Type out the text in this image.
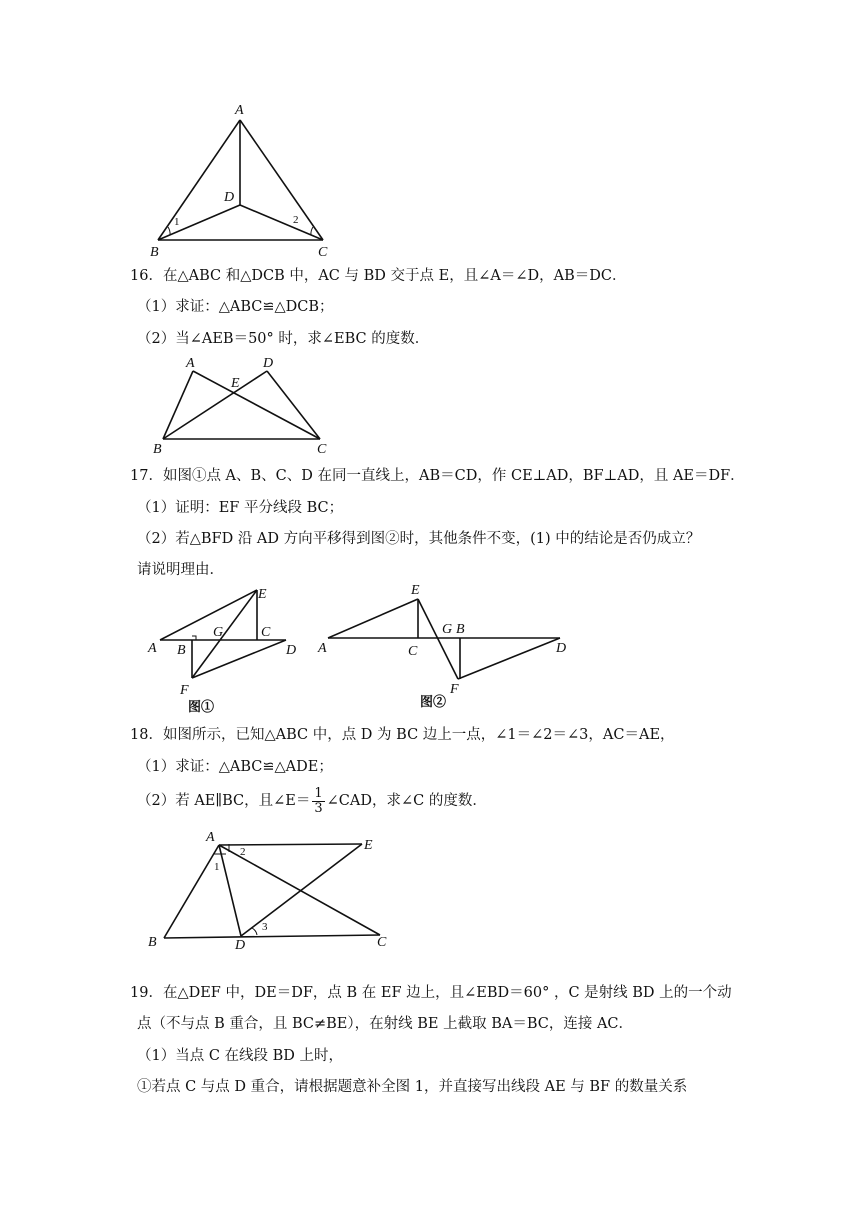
A
D
B	C
1	2
16．在△ABC 和△DCB 中，AC 与 BD 交于点 E，且∠A＝∠D，AB＝DC．
（1）求证：△ABC≌△DCB；
（2）当∠AEB＝50° 时，求∠EBC 的度数．
A	D
E
B	C
17．如图①点 A、B、C、D 在同一直线上，AB＝CD，作 CE⊥AD，BF⊥AD，且 AE＝DF．
（1）证明：EF 平分线段 BC；
（2）若△BFD 沿 AD 方向平移得到图②时，其他条件不变，(1) 中的结论是否仍成立？
请说明理由．
E
G	C
A B	D
F
图①
E
G B
A	C	D
F
图②
18．如图所示，已知△ABC 中，点 D 为 BC 边上一点，∠1＝∠2＝∠3，AC＝AE，
（1）求证：△ABC≌△ADE；
（2）若 AE∥BC，且∠E＝ $\frac{1}{3}$ ∠CAD，求∠C 的度数．
A
E
2
1
3
B	D	C
19．在△DEF 中，DE＝DF，点 B 在 EF 边上，且∠EBD＝60° ，C 是射线 BD 上的一个动
点（不与点 B 重合，且 BC≠BE），在射线 BE 上截取 BA＝BC，连接 AC．
（1）当点 C 在线段 BD 上时，
①若点 C 与点 D 重合，请根据题意补全图 1，并直接写出线段 AE 与 BF 的数量关系
